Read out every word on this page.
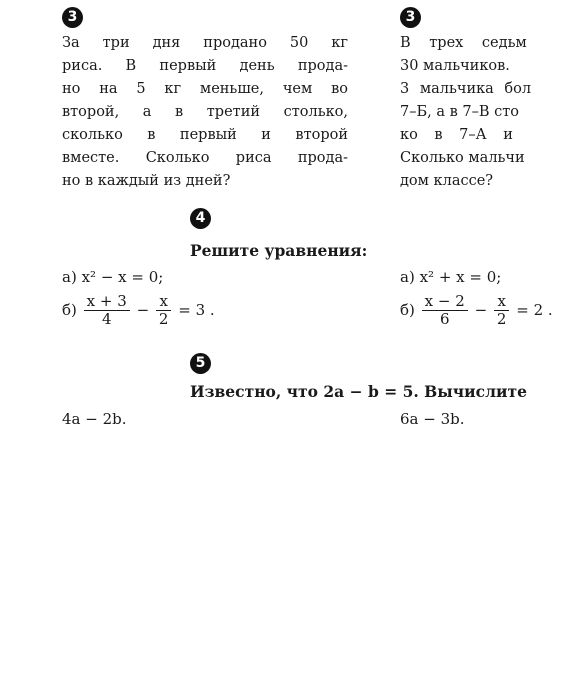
3
За три дня продано 50 кг
риса. В первый день прода-
но на 5 кг меньше, чем во
второй, а в третий столько,
сколько в первый и второй
вместе. Сколько риса прода-
но в каждый из дней?
3
В трех седьм
30 мальчиков.
3 мальчика бол
7–Б, а в 7–В сто
ко в 7–А и
Сколько мальчи
дом классе?
4
Решите уравнения:
а) x² − x = 0;
$б) \frac{x + 3}{4} - \frac{x}{2} = 3$ .
а) x² + x = 0;
$б) \frac{x - 2}{6} - \frac{x}{2} = 2$ .
5
Известно, что 2a − b = 5. Вычислите
4a − 2b.	6a − 3b.
